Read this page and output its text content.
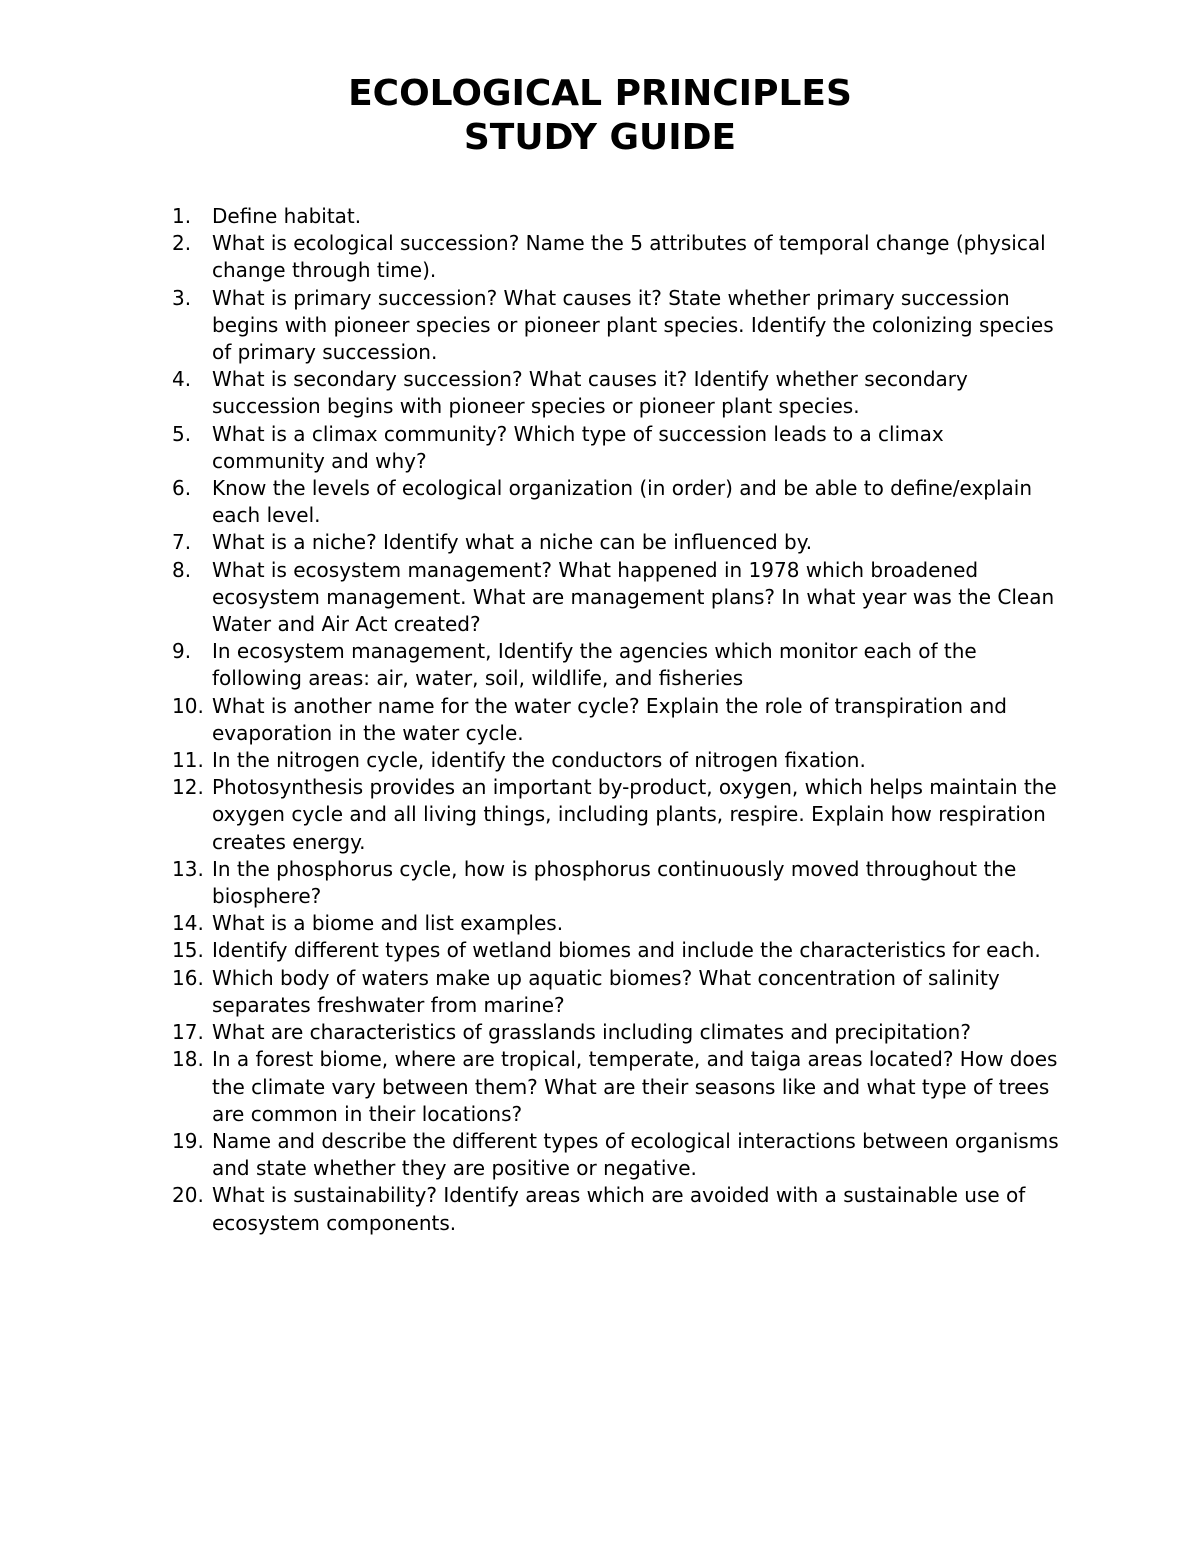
ECOLOGICAL PRINCIPLES
STUDY GUIDE
1.	Define habitat.
2.	What is ecological succession? Name the 5 attributes of temporal change (physical change through time).
3.	What is primary succession? What causes it? State whether primary succession begins with pioneer species or pioneer plant species. Identify the colonizing species of primary succession.
4.	What is secondary succession? What causes it? Identify whether secondary succession begins with pioneer species or pioneer plant species.
5.	What is a climax community? Which type of succession leads to a climax community and why?
6.	Know the levels of ecological organization (in order) and be able to define/explain each level.
7.	What is a niche? Identify what a niche can be influenced by.
8.	What is ecosystem management? What happened in 1978 which broadened ecosystem management. What are management plans? In what year was the Clean Water and Air Act created?
9.	In ecosystem management, Identify the agencies which monitor each of the following areas: air, water, soil, wildlife, and fisheries
10. What is another name for the water cycle? Explain the role of transpiration and evaporation in the water cycle.
11. In the nitrogen cycle, identify the conductors of nitrogen fixation.
12. Photosynthesis provides an important by-product, oxygen, which helps maintain the oxygen cycle and all living things, including plants, respire. Explain how respiration creates energy.
13. In the phosphorus cycle, how is phosphorus continuously moved throughout the biosphere?
14. What is a biome and list examples.
15. Identify different types of wetland biomes and include the characteristics for each.
16. Which body of waters make up aquatic biomes? What concentration of salinity separates freshwater from marine?
17. What are characteristics of grasslands including climates and precipitation?
18. In a forest biome, where are tropical, temperate, and taiga areas located? How does the climate vary between them? What are their seasons like and what type of trees are common in their locations?
19. Name and describe the different types of ecological interactions between organisms and state whether they are positive or negative.
20. What is sustainability? Identify areas which are avoided with a sustainable use of ecosystem components.
